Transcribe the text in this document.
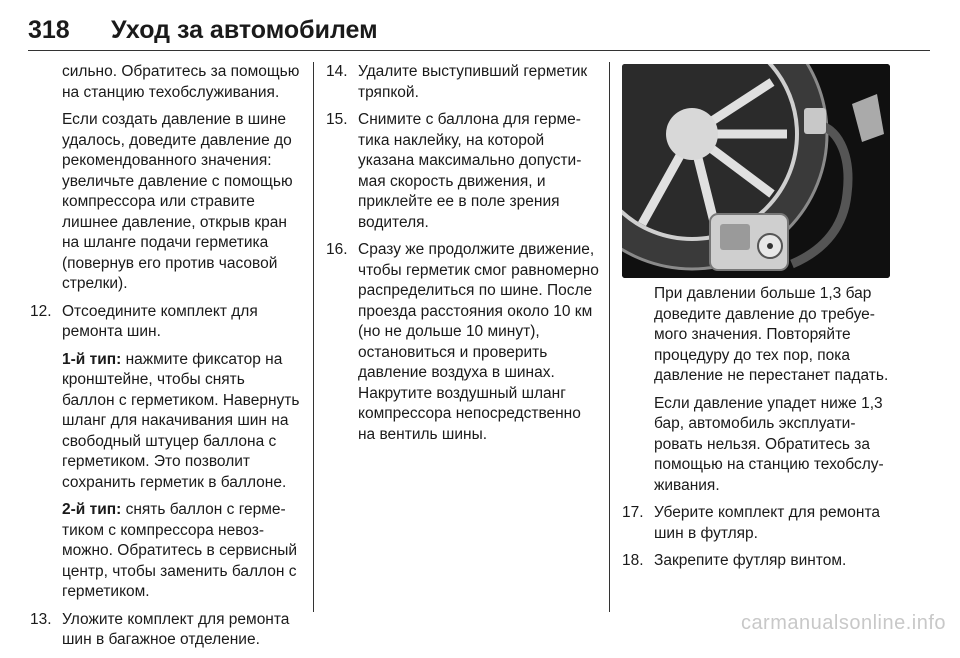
318 Уход за автомобилем

сильно. Обратитесь за помощью на станцию техобслуживания.

Если создать давление в шине удалось, доведите давление до рекомендованного значения: увеличьте давление с помощью компрессора или стравите лишнее давление, открыв кран на шланге подачи герметика (повернув его против часовой стрелки).

12. Отсоедините комплект для ремонта шин.

1-й тип: нажмите фиксатор на кронштейне, чтобы снять баллон с герметиком. Навернуть шланг для накачивания шин на свободный штуцер баллона с герметиком. Это позволит сохранить герметик в баллоне.

2-й тип: снять баллон с герметиком с компрессора невозможно. Обратитесь в сервисный центр, чтобы заменить баллон с герметиком.

13. Уложите комплект для ремонта шин в багажное отделение.
14. Удалите выступивший герметик тряпкой.
15. Снимите с баллона для герметика наклейку, на которой указана максимально допустимая скорость движения, и приклейте ее в поле зрения водителя.
16. Сразу же продолжите движение, чтобы герметик смог равномерно распределиться по шине. После проезда расстояния около 10 км (но не дольше 10 минут), остановиться и проверить давление воздуха в шинах. Накрутите воздушный шланг компрессора непосредственно на вентиль шины.

При давлении больше 1,3 бар доведите давление до требуемого значения. Повторяйте процедуру до тех пор, пока давление не перестанет падать.

Если давление упадет ниже 1,3 бар, автомобиль эксплуатировать нельзя. Обратитесь за помощью на станцию техобслуживания.

17. Уберите комплект для ремонта шин в футляр.
18. Закрепите футляр винтом.
carmanualsonline.info
